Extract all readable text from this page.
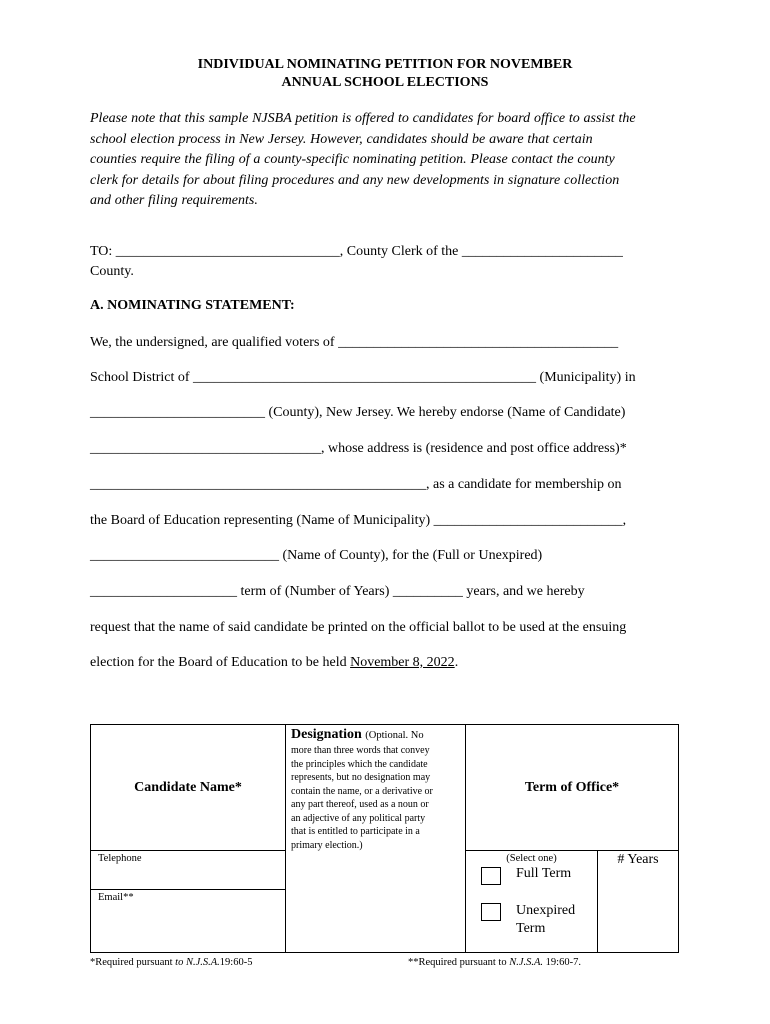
INDIVIDUAL NOMINATING PETITION FOR NOVEMBER
ANNUAL SCHOOL ELECTIONS
Please note that this sample NJSBA petition is offered to candidates for board office to assist the
school election process in New Jersey. However, candidates should be aware that certain
counties require the filing of a county-specific nominating petition. Please contact the county
clerk for details for about filing procedures and any new developments in signature collection
and other filing requirements.
TO: ________________________________, County Clerk of the _______________________
County.
A. NOMINATING STATEMENT:
We, the undersigned, are qualified voters of ________________________________________
School District of _________________________________________________ (Municipality) in
_________________________ (County), New Jersey. We hereby endorse (Name of Candidate)
_________________________________, whose address is (residence and post office address)*
________________________________________________, as a candidate for membership on
the Board of Education representing (Name of Municipality) ___________________________,
___________________________ (Name of County), for the (Full or Unexpired)
_____________________ term of (Number of Years) __________ years, and we hereby
request that the name of said candidate be printed on the official ballot to be used at the ensuing
election for the Board of Education to be held November 8, 2022.
Candidate Name*
Designation (Optional. No
more than three words that convey
the principles which the candidate
represents, but no designation may
contain the name, or a derivative or
any part thereof, used as a noun or
an adjective of any political party
that is entitled to participate in a
primary election.)
Term of Office*
Telephone
Email**
(Select one)
Full Term
Unexpired
Term
# Years
*Required pursuant to N.J.S.A.19:60-5	**Required pursuant to N.J.S.A. 19:60-7.
